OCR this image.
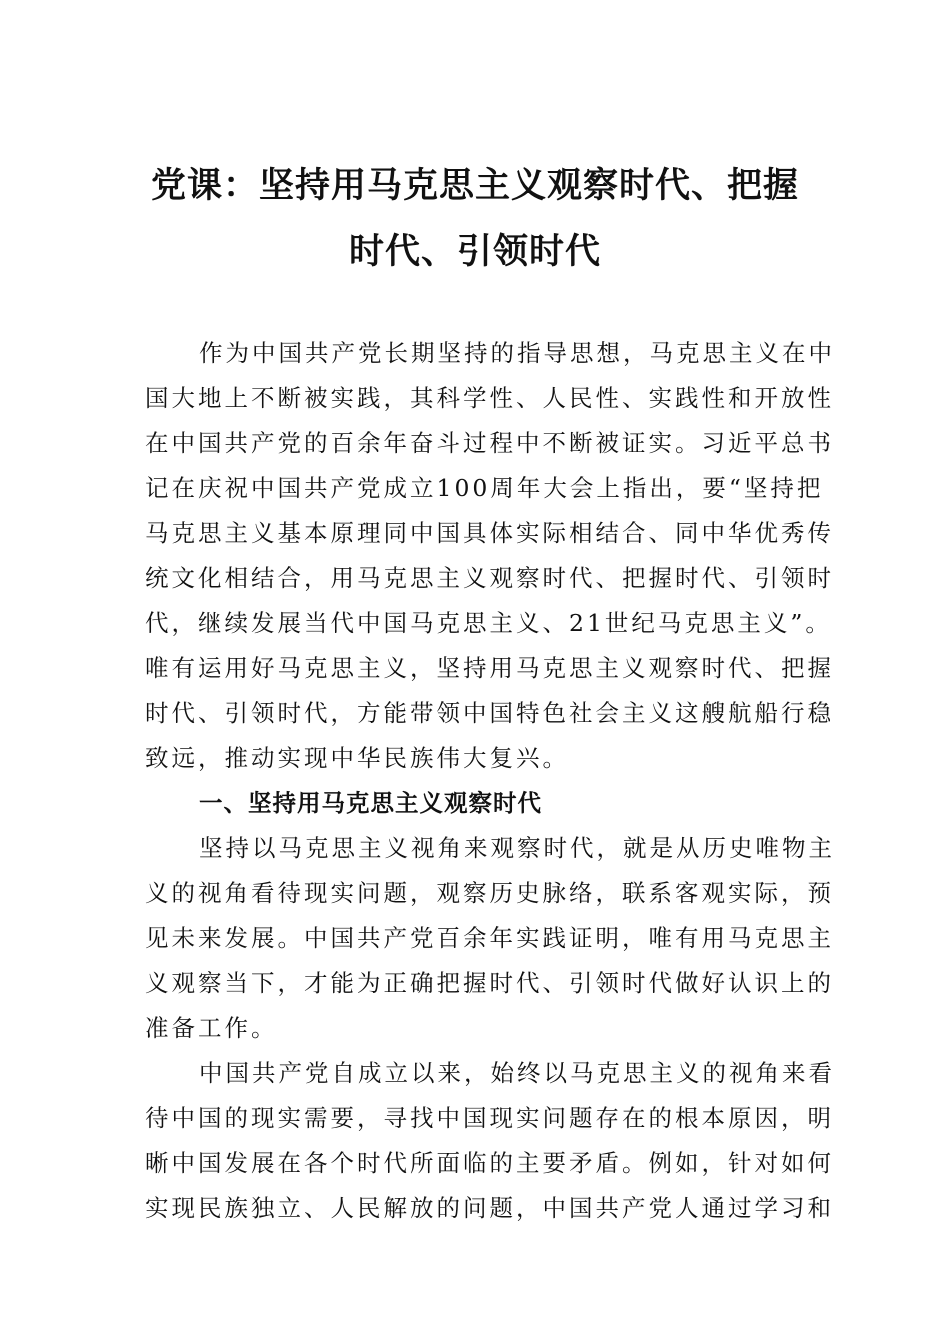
党课：坚持用马克思主义观察时代、把握
时代、引领时代
作为中国共产党长期坚持的指导思想，马克思主义在中
国大地上不断被实践，其科学性、人民性、实践性和开放性
在中国共产党的百余年奋斗过程中不断被证实。习近平总书
记在庆祝中国共产党成立100周年大会上指出，要“坚持把
马克思主义基本原理同中国具体实际相结合、同中华优秀传
统文化相结合，用马克思主义观察时代、把握时代、引领时
代，继续发展当代中国马克思主义、21世纪马克思主义”。
唯有运用好马克思主义，坚持用马克思主义观察时代、把握
时代、引领时代，方能带领中国特色社会主义这艘航船行稳
致远，推动实现中华民族伟大复兴。
一、坚持用马克思主义观察时代
坚持以马克思主义视角来观察时代，就是从历史唯物主
义的视角看待现实问题，观察历史脉络，联系客观实际，预
见未来发展。中国共产党百余年实践证明，唯有用马克思主
义观察当下，才能为正确把握时代、引领时代做好认识上的
准备工作。
中国共产党自成立以来，始终以马克思主义的视角来看
待中国的现实需要，寻找中国现实问题存在的根本原因，明
晰中国发展在各个时代所面临的主要矛盾。例如，针对如何
实现民族独立、人民解放的问题，中国共产党人通过学习和
